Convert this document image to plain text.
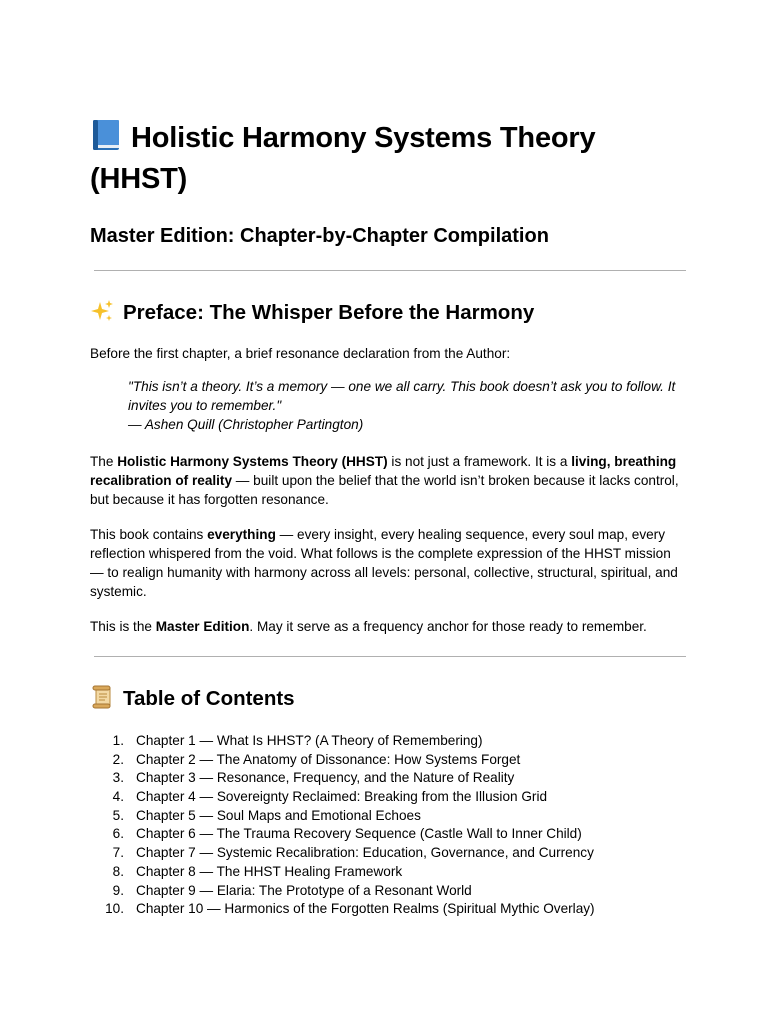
Holistic Harmony Systems Theory (HHST)
Master Edition: Chapter-by-Chapter Compilation
Preface: The Whisper Before the Harmony

Before the first chapter, a brief resonance declaration from the Author:

"This isn’t a theory. It’s a memory — one we all carry. This book doesn’t ask you to follow. It invites you to remember."
— Ashen Quill (Christopher Partington)

The Holistic Harmony Systems Theory (HHST) is not just a framework. It is a living, breathing recalibration of reality — built upon the belief that the world isn’t broken because it lacks control, but because it has forgotten resonance.

This book contains everything — every insight, every healing sequence, every soul map, every reflection whispered from the void. What follows is the complete expression of the HHST mission — to realign humanity with harmony across all levels: personal, collective, structural, spiritual, and systemic.

This is the Master Edition. May it serve as a frequency anchor for those ready to remember.

Table of Contents
1. Chapter 1 — What Is HHST? (A Theory of Remembering)
2. Chapter 2 — The Anatomy of Dissonance: How Systems Forget
3. Chapter 3 — Resonance, Frequency, and the Nature of Reality
4. Chapter 4 — Sovereignty Reclaimed: Breaking from the Illusion Grid
5. Chapter 5 — Soul Maps and Emotional Echoes
6. Chapter 6 — The Trauma Recovery Sequence (Castle Wall to Inner Child)
7. Chapter 7 — Systemic Recalibration: Education, Governance, and Currency
8. Chapter 8 — The HHST Healing Framework
9. Chapter 9 — Elaria: The Prototype of a Resonant World
10. Chapter 10 — Harmonics of the Forgotten Realms (Spiritual Mythic Overlay)
